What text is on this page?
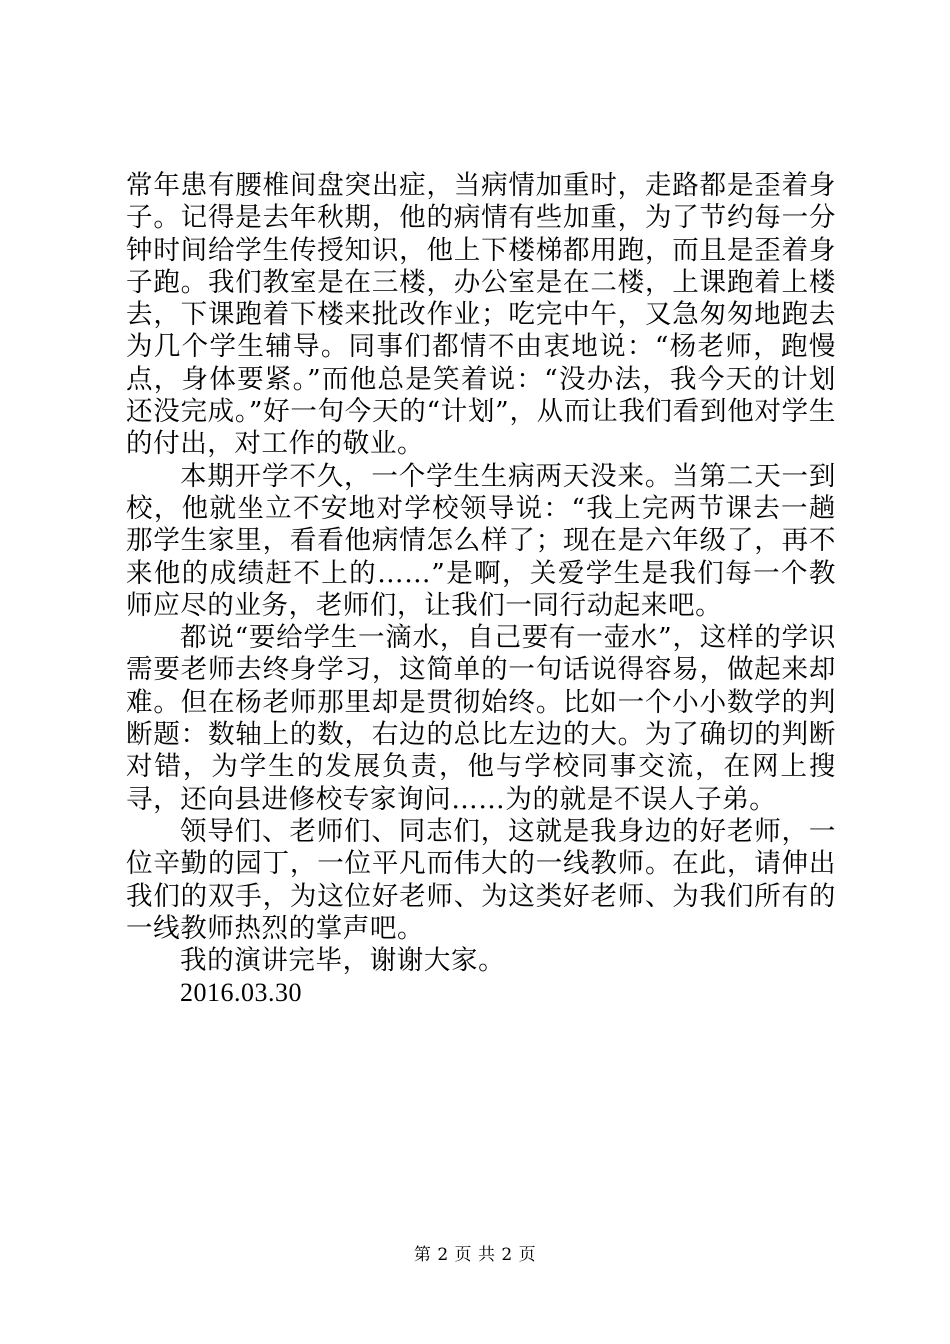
常年患有腰椎间盘突出症，当病情加重时，走路都是歪着身子。记得是去年秋期，他的病情有些加重，为了节约每一分钟时间给学生传授知识，他上下楼梯都用跑，而且是歪着身子跑。我们教室是在三楼，办公室是在二楼，上课跑着上楼去，下课跑着下楼来批改作业；吃完中午，又急匆匆地跑去为几个学生辅导。同事们都情不由衷地说：“杨老师，跑慢点，身体要紧。”而他总是笑着说：“没办法，我今天的计划还没完成。”好一句今天的“计划”，从而让我们看到他对学生的付出，对工作的敬业。

本期开学不久，一个学生生病两天没来。当第二天一到校，他就坐立不安地对学校领导说：“我上完两节课去一趟那学生家里，看看他病情怎么样了；现在是六年级了，再不来他的成绩赶不上的……”是啊，关爱学生是我们每一个教师应尽的业务，老师们，让我们一同行动起来吧。

都说“要给学生一滴水，自己要有一壶水”，这样的学识需要老师去终身学习，这简单的一句话说得容易，做起来却难。但在杨老师那里却是贯彻始终。比如一个小小数学的判断题：数轴上的数，右边的总比左边的大。为了确切的判断对错，为学生的发展负责，他与学校同事交流，在网上搜寻，还向县进修校专家询问……为的就是不误人子弟。

领导们、老师们、同志们，这就是我身边的好老师，一位辛勤的园丁，一位平凡而伟大的一线教师。在此，请伸出我们的双手，为这位好老师、为这类好老师、为我们所有的一线教师热烈的掌声吧。

我的演讲完毕，谢谢大家。

2016.03.30

第 2 页 共 2 页
